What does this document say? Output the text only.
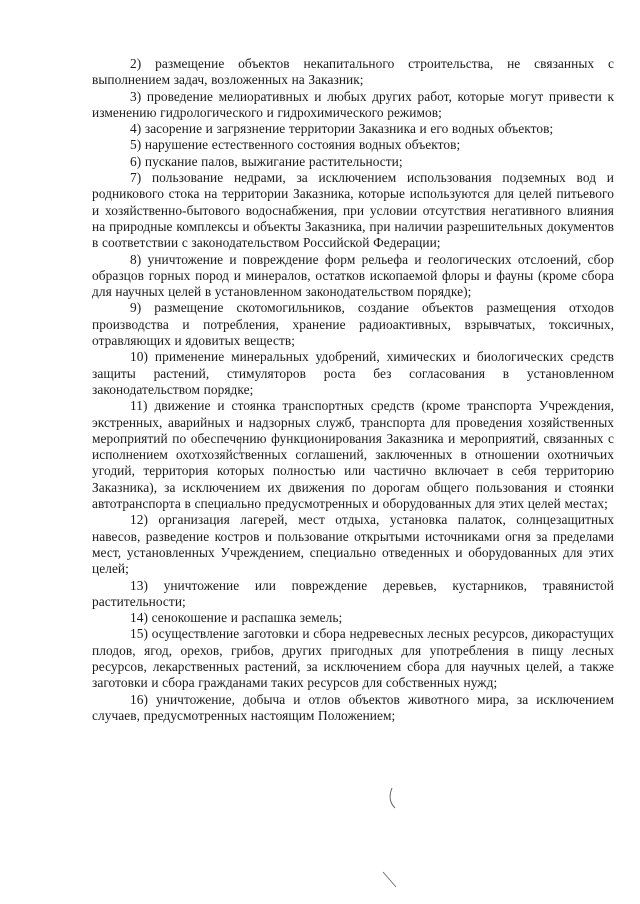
2) размещение объектов некапитального строительства, не связанных с выполнением задач, возложенных на Заказник;

3) проведение мелиоративных и любых других работ, которые могут привести к изменению гидрологического и гидрохимического режимов;

4) засорение и загрязнение территории Заказника и его водных объектов;

5) нарушение естественного состояния водных объектов;

6) пускание палов, выжигание растительности;

7) пользование недрами, за исключением использования подземных вод и родникового стока на территории Заказника, которые используются для целей питьевого и хозяйственно-бытового водоснабжения, при условии отсутствия негативного влияния на природные комплексы и объекты Заказника, при наличии разрешительных документов в соответствии с законодательством Российской Федерации;

8) уничтожение и повреждение форм рельефа и геологических отслоений, сбор образцов горных пород и минералов, остатков ископаемой флоры и фауны (кроме сбора для научных целей в установленном законодательством порядке);

9) размещение скотомогильников, создание объектов размещения отходов производства и потребления, хранение радиоактивных, взрывчатых, токсичных, отравляющих и ядовитых веществ;

10) применение минеральных удобрений, химических и биологических средств защиты растений, стимуляторов роста без согласования в установленном законодательством порядке;

11) движение и стоянка транспортных средств (кроме транспорта Учреждения, экстренных, аварийных и надзорных служб, транспорта для проведения хозяйственных мероприятий по обеспечению функционирования Заказника и мероприятий, связанных с исполнением охотхозяйственных соглашений, заключенных в отношении охотничьих угодий, территория которых полностью или частично включает в себя территорию Заказника), за исключением их движения по дорогам общего пользования и стоянки автотранспорта в специально предусмотренных и оборудованных для этих целей местах;

12) организация лагерей, мест отдыха, установка палаток, солнцезащитных навесов, разведение костров и пользование открытыми источниками огня за пределами мест, установленных Учреждением, специально отведенных и оборудованных для этих целей;

13) уничтожение или повреждение деревьев, кустарников, травянистой растительности;

14) сенокошение и распашка земель;

15) осуществление заготовки и сбора недревесных лесных ресурсов, дикорастущих плодов, ягод, орехов, грибов, других пригодных для употребления в пищу лесных ресурсов, лекарственных растений, за исключением сбора для научных целей, а также заготовки и сбора гражданами таких ресурсов для собственных нужд;

16) уничтожение, добыча и отлов объектов животного мира, за исключением случаев, предусмотренных настоящим Положением;
